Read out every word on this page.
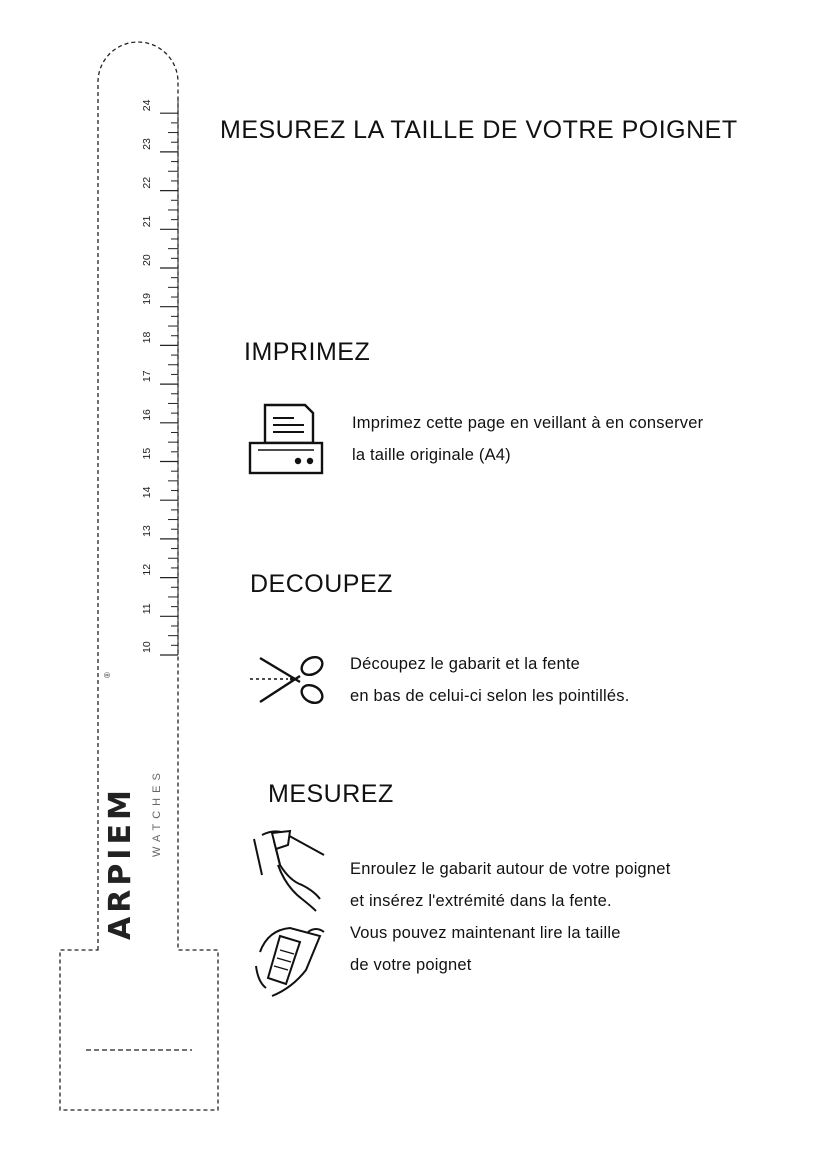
10
11
12
13
14
15
16
17
18
19
20
21
22
23
24
ARPIEM
®
WATCHES
MESUREZ LA TAILLE DE VOTRE POIGNET
IMPRIMEZ
Imprimez cette page en veillant à en conserver
la taille originale (A4)
DECOUPEZ
Découpez le gabarit et la fente
en bas de celui-ci selon les pointillés.
MESUREZ
Enroulez le gabarit autour de votre poignet
et insérez l'extrémité dans la fente.
Vous pouvez maintenant lire la taille
de votre poignet
